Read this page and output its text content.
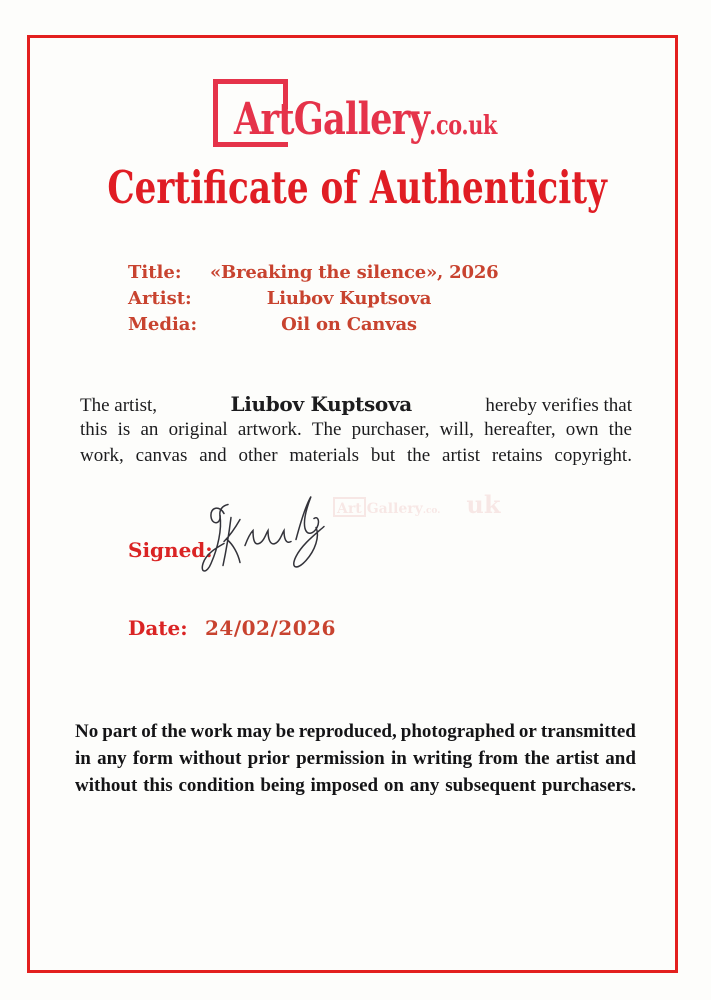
ArtGallery.co.uk
Certificate of Authenticity
Title:	«Breaking the silence», 2026
Artist:	Liubov Kuptsova
Media:	Oil on Canvas
The artist,	Liubov Kuptsova	hereby verifies that
this is an original artwork. The purchaser, will, hereafter, own the
work, canvas and other materials but the artist retains copyright.
Art Gallery .co. uk
Signed:
Date: 24/02/2026
No part of the work may be reproduced, photographed or transmitted
in any form without prior permission in writing from the artist and
without this condition being imposed on any subsequent purchasers.
